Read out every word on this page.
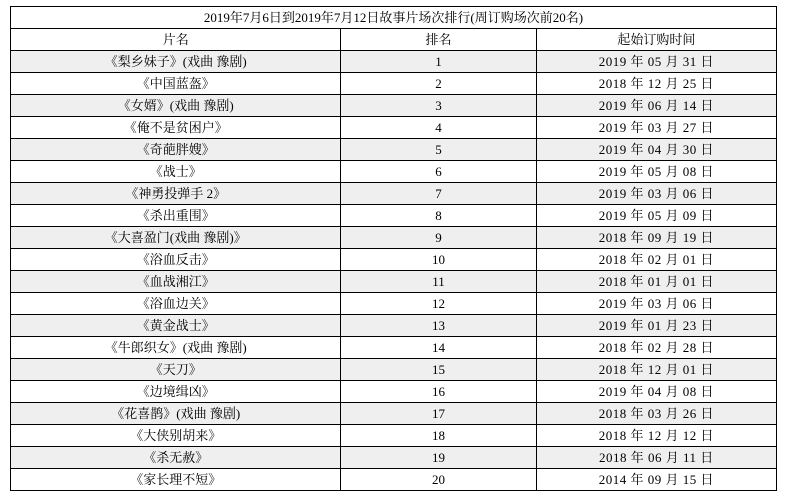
2019年7月6日到2019年7月12日故事片场次排行(周订购场次前20名)		
片名	排名	起始订购时间
《梨乡妹子》(戏曲 豫剧)	1	2019 年 05 月 31 日
《中国蓝盔》	2	2018 年 12 月 25 日
《女婿》(戏曲 豫剧)	3	2019 年 06 月 14 日
《俺不是贫困户》	4	2019 年 03 月 27 日
《奇葩胖嫂》	5	2019 年 04 月 30 日
《战士》	6	2019 年 05 月 08 日
《神勇投弹手 2》	7	2019 年 03 月 06 日
《杀出重围》	8	2019 年 05 月 09 日
《大喜盈门(戏曲 豫剧)》	9	2018 年 09 月 19 日
《浴血反击》	10	2018 年 02 月 01 日
《血战湘江》	11	2018 年 01 月 01 日
《浴血边关》	12	2019 年 03 月 06 日
《黄金战士》	13	2019 年 01 月 23 日
《牛郎织女》(戏曲 豫剧)	14	2018 年 02 月 28 日
《天刀》	15	2018 年 12 月 01 日
《边境缉凶》	16	2019 年 04 月 08 日
《花喜鹊》(戏曲 豫剧)	17	2018 年 03 月 26 日
《大侠别胡来》	18	2018 年 12 月 12 日
《杀无赦》	19	2018 年 06 月 11 日
《家长理不短》	20	2014 年 09 月 15 日
